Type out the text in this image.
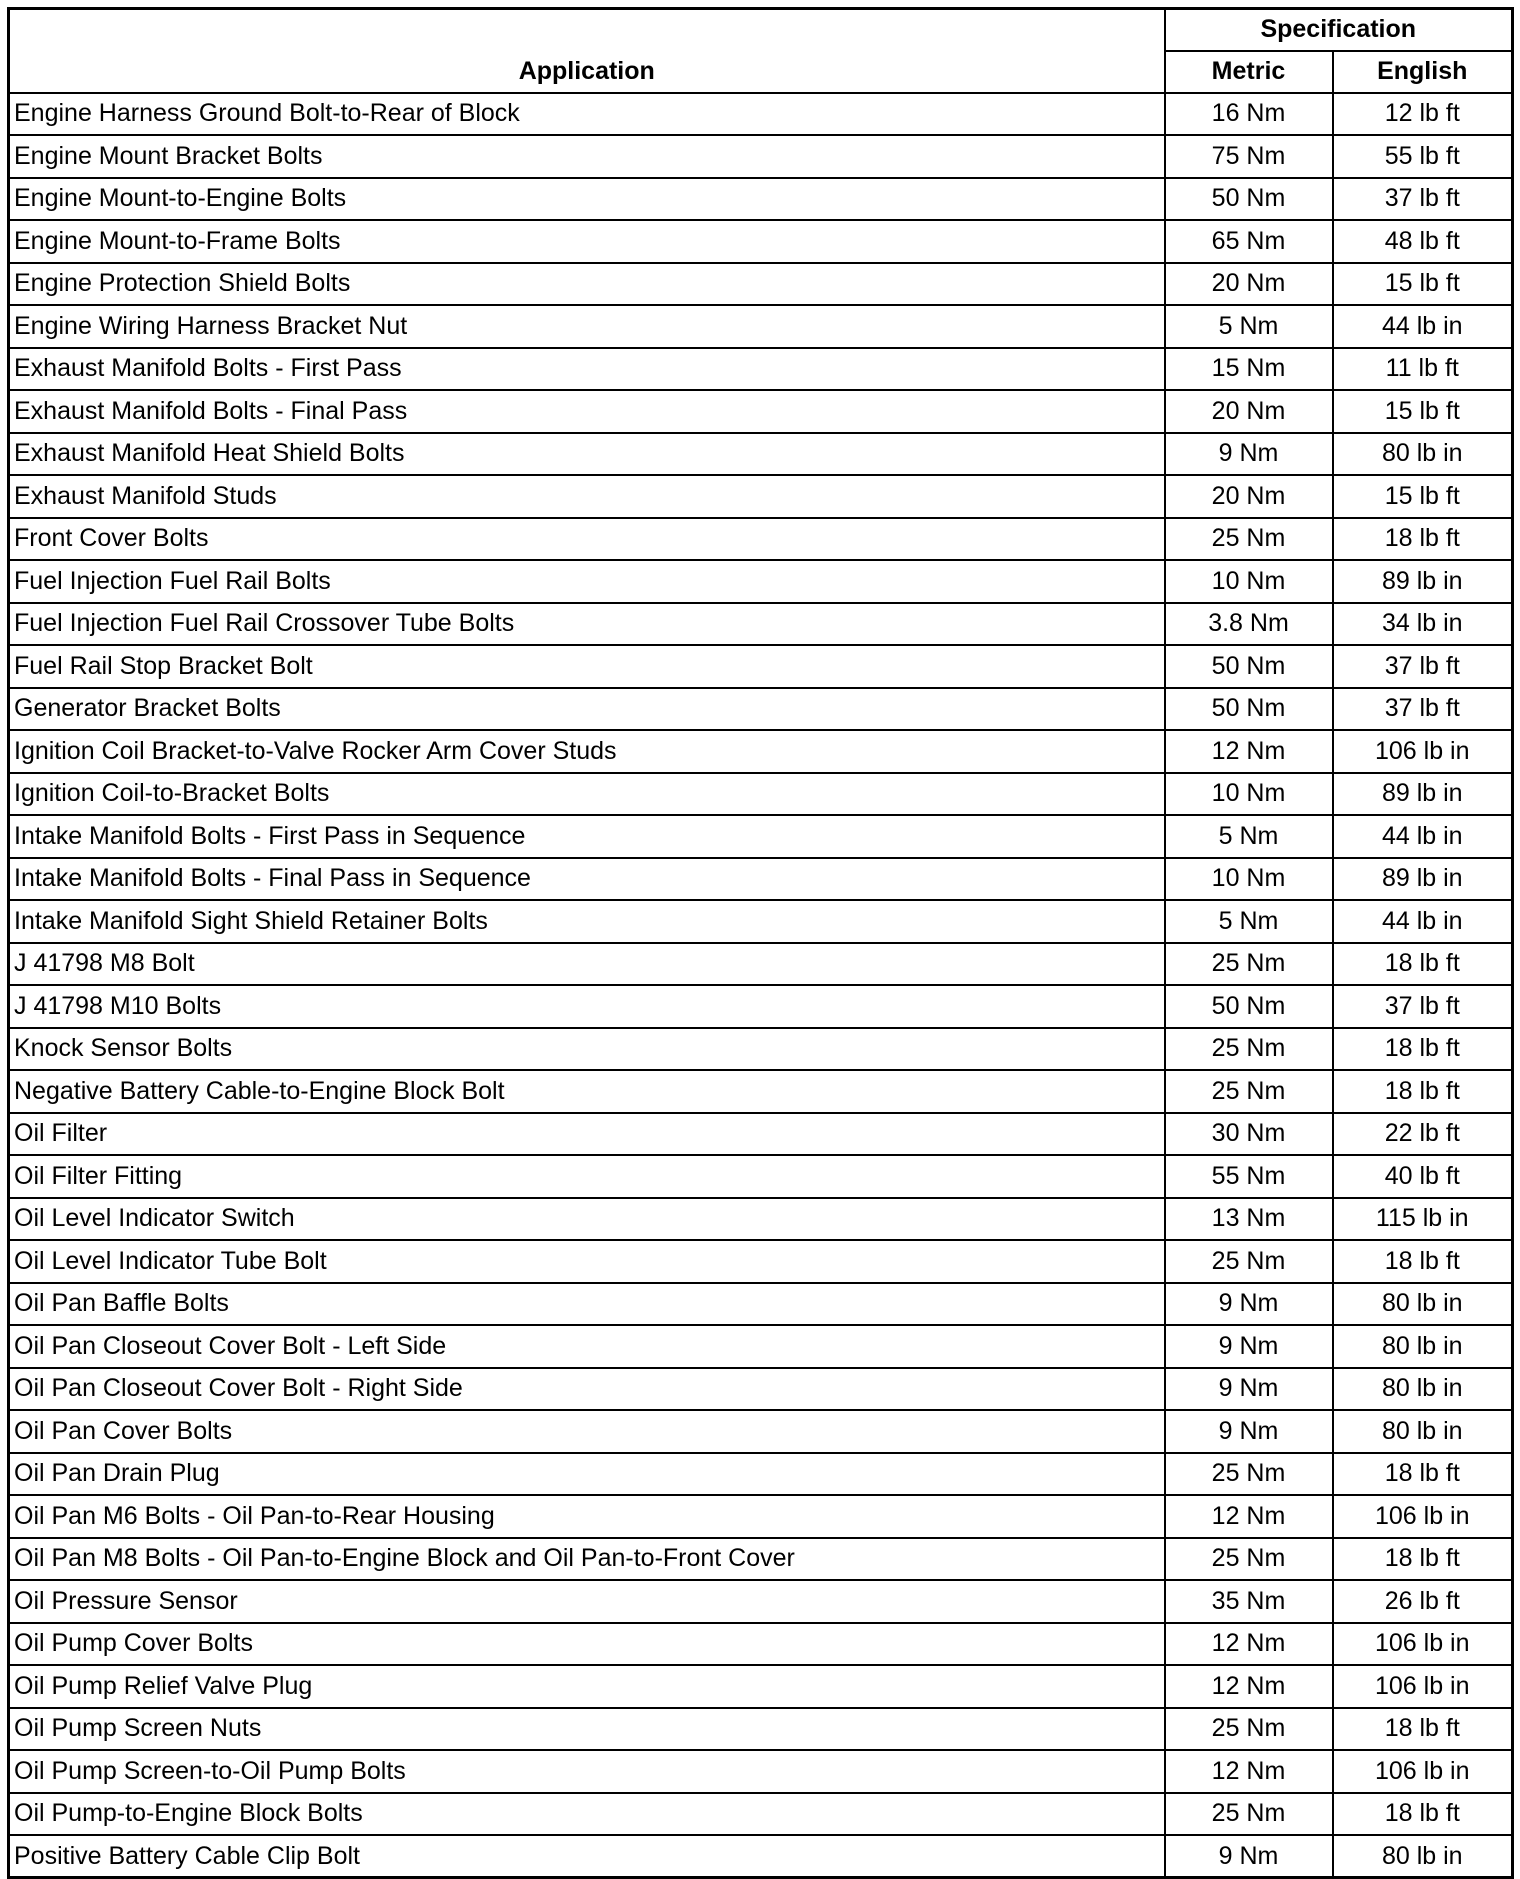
Application	Specification	
	Metric	English
Engine Harness Ground Bolt-to-Rear of Block	16 Nm	12 lb ft
Engine Mount Bracket Bolts	75 Nm	55 lb ft
Engine Mount-to-Engine Bolts	50 Nm	37 lb ft
Engine Mount-to-Frame Bolts	65 Nm	48 lb ft
Engine Protection Shield Bolts	20 Nm	15 lb ft
Engine Wiring Harness Bracket Nut	5 Nm	44 lb in
Exhaust Manifold Bolts - First Pass	15 Nm	11 lb ft
Exhaust Manifold Bolts - Final Pass	20 Nm	15 lb ft
Exhaust Manifold Heat Shield Bolts	9 Nm	80 lb in
Exhaust Manifold Studs	20 Nm	15 lb ft
Front Cover Bolts	25 Nm	18 lb ft
Fuel Injection Fuel Rail Bolts	10 Nm	89 lb in
Fuel Injection Fuel Rail Crossover Tube Bolts	3.8 Nm	34 lb in
Fuel Rail Stop Bracket Bolt	50 Nm	37 lb ft
Generator Bracket Bolts	50 Nm	37 lb ft
Ignition Coil Bracket-to-Valve Rocker Arm Cover Studs	12 Nm	106 lb in
Ignition Coil-to-Bracket Bolts	10 Nm	89 lb in
Intake Manifold Bolts - First Pass in Sequence	5 Nm	44 lb in
Intake Manifold Bolts - Final Pass in Sequence	10 Nm	89 lb in
Intake Manifold Sight Shield Retainer Bolts	5 Nm	44 lb in
J 41798 M8 Bolt	25 Nm	18 lb ft
J 41798 M10 Bolts	50 Nm	37 lb ft
Knock Sensor Bolts	25 Nm	18 lb ft
Negative Battery Cable-to-Engine Block Bolt	25 Nm	18 lb ft
Oil Filter	30 Nm	22 lb ft
Oil Filter Fitting	55 Nm	40 lb ft
Oil Level Indicator Switch	13 Nm	115 lb in
Oil Level Indicator Tube Bolt	25 Nm	18 lb ft
Oil Pan Baffle Bolts	9 Nm	80 lb in
Oil Pan Closeout Cover Bolt - Left Side	9 Nm	80 lb in
Oil Pan Closeout Cover Bolt - Right Side	9 Nm	80 lb in
Oil Pan Cover Bolts	9 Nm	80 lb in
Oil Pan Drain Plug	25 Nm	18 lb ft
Oil Pan M6 Bolts - Oil Pan-to-Rear Housing	12 Nm	106 lb in
Oil Pan M8 Bolts - Oil Pan-to-Engine Block and Oil Pan-to-Front Cover	25 Nm	18 lb ft
Oil Pressure Sensor	35 Nm	26 lb ft
Oil Pump Cover Bolts	12 Nm	106 lb in
Oil Pump Relief Valve Plug	12 Nm	106 lb in
Oil Pump Screen Nuts	25 Nm	18 lb ft
Oil Pump Screen-to-Oil Pump Bolts	12 Nm	106 lb in
Oil Pump-to-Engine Block Bolts	25 Nm	18 lb ft
Positive Battery Cable Clip Bolt	9 Nm	80 lb in
